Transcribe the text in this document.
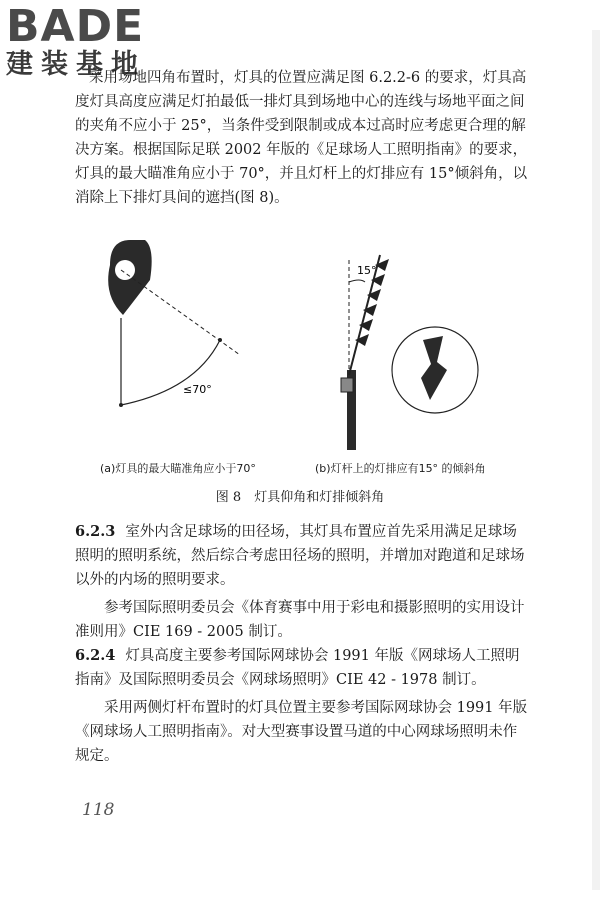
BADE
建装基地

采用场地四角布置时，灯具的位置应满足图 6.2.2-6 的要求，灯具高度灯具高度应满足灯拍最低一排灯具到场地中心的连线与场地平面之间的夹角不应小于 25°，当条件受到限制或成本过高时应考虑更合理的解决方案。根据国际足联 2002 年版的《足球场人工照明指南》的要求，灯具的最大瞄准角应小于 70°，并且灯杆上的灯排应有 15°倾斜角，以消除上下排灯具间的遮挡(图 8)。

≤70°
15°
(a)灯具的最大瞄准角应小于70°	(b)灯杆上的灯排应有15° 的倾斜角
图 8　灯具仰角和灯排倾斜角

6.2.3 室外内含足球场的田径场，其灯具布置应首先采用满足足球场照明的照明系统，然后综合考虑田径场的照明，并增加对跑道和足球场以外的内场的照明要求。

参考国际照明委员会《体育赛事中用于彩电和摄影照明的实用设计准则用》CIE 169 - 2005 制订。

6.2.4 灯具高度主要参考国际网球协会 1991 年版《网球场人工照明指南》及国际照明委员会《网球场照明》CIE 42 - 1978 制订。

采用两侧灯杆布置时的灯具位置主要参考国际网球协会 1991 年版《网球场人工照明指南》。对大型赛事设置马道的中心网球场照明未作规定。

118
